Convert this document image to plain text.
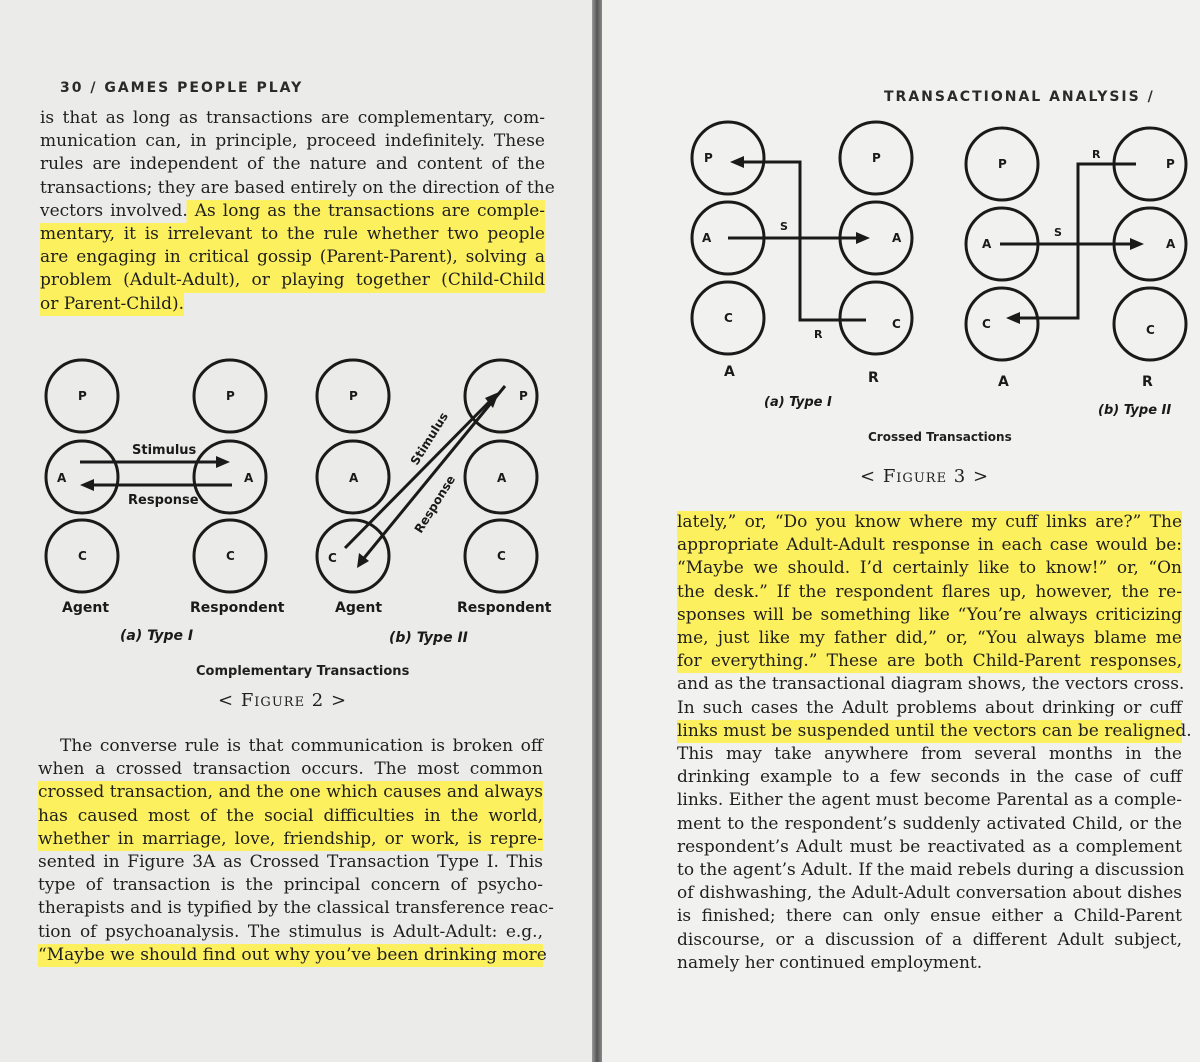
30 / GAMES PEOPLE PLAY
is that as long as transactions are complementary, com-
munication can, in principle, proceed indefinitely. These
rules are independent of the nature and content of the
transactions; they are based entirely on the direction of the
vectors involved. As long as the transactions are comple-
mentary, it is irrelevant to the rule whether two people
are engaging in critical gossip (Parent-Parent), solving a
problem (Adult-Adult), or playing together (Child-Child
or Parent-Child).
P
A
C
P
A
C
Stimulus
Response
Agent	Respondent
(a) Type I
P
A
C
P
A
C
Stimulus
Response
Agent	Respondent
(b) Type II
Complementary Transactions
< Figure 2 >
The converse rule is that communication is broken off
when a crossed transaction occurs. The most common
crossed transaction, and the one which causes and always
has caused most of the social difficulties in the world,
whether in marriage, love, friendship, or work, is repre-
sented in Figure 3A as Crossed Transaction Type I. This
type of transaction is the principal concern of psycho-
therapists and is typified by the classical transference reac-
tion of psychoanalysis. The stimulus is Adult-Adult: e.g.,
“Maybe we should find out why you’ve been drinking more
TRANSACTIONAL ANALYSIS /
P
A
C
P
A
C
S
R
A	R
(a) Type I
P
A
C
P
A
C
S
R
A	R
(b) Type II
Crossed Transactions
< Figure 3 >
lately,” or, “Do you know where my cuff links are?” The
appropriate Adult-Adult response in each case would be:
“Maybe we should. I’d certainly like to know!” or, “On
the desk.” If the respondent flares up, however, the re-
sponses will be something like “You’re always criticizing
me, just like my father did,” or, “You always blame me
for everything.” These are both Child-Parent responses,
and as the transactional diagram shows, the vectors cross.
In such cases the Adult problems about drinking or cuff
links must be suspended until the vectors can be realigned.
This may take anywhere from several months in the
drinking example to a few seconds in the case of cuff
links. Either the agent must become Parental as a comple-
ment to the respondent’s suddenly activated Child, or the
respondent’s Adult must be reactivated as a complement
to the agent’s Adult. If the maid rebels during a discussion
of dishwashing, the Adult-Adult conversation about dishes
is finished; there can only ensue either a Child-Parent
discourse, or a discussion of a different Adult subject,
namely her continued employment.
